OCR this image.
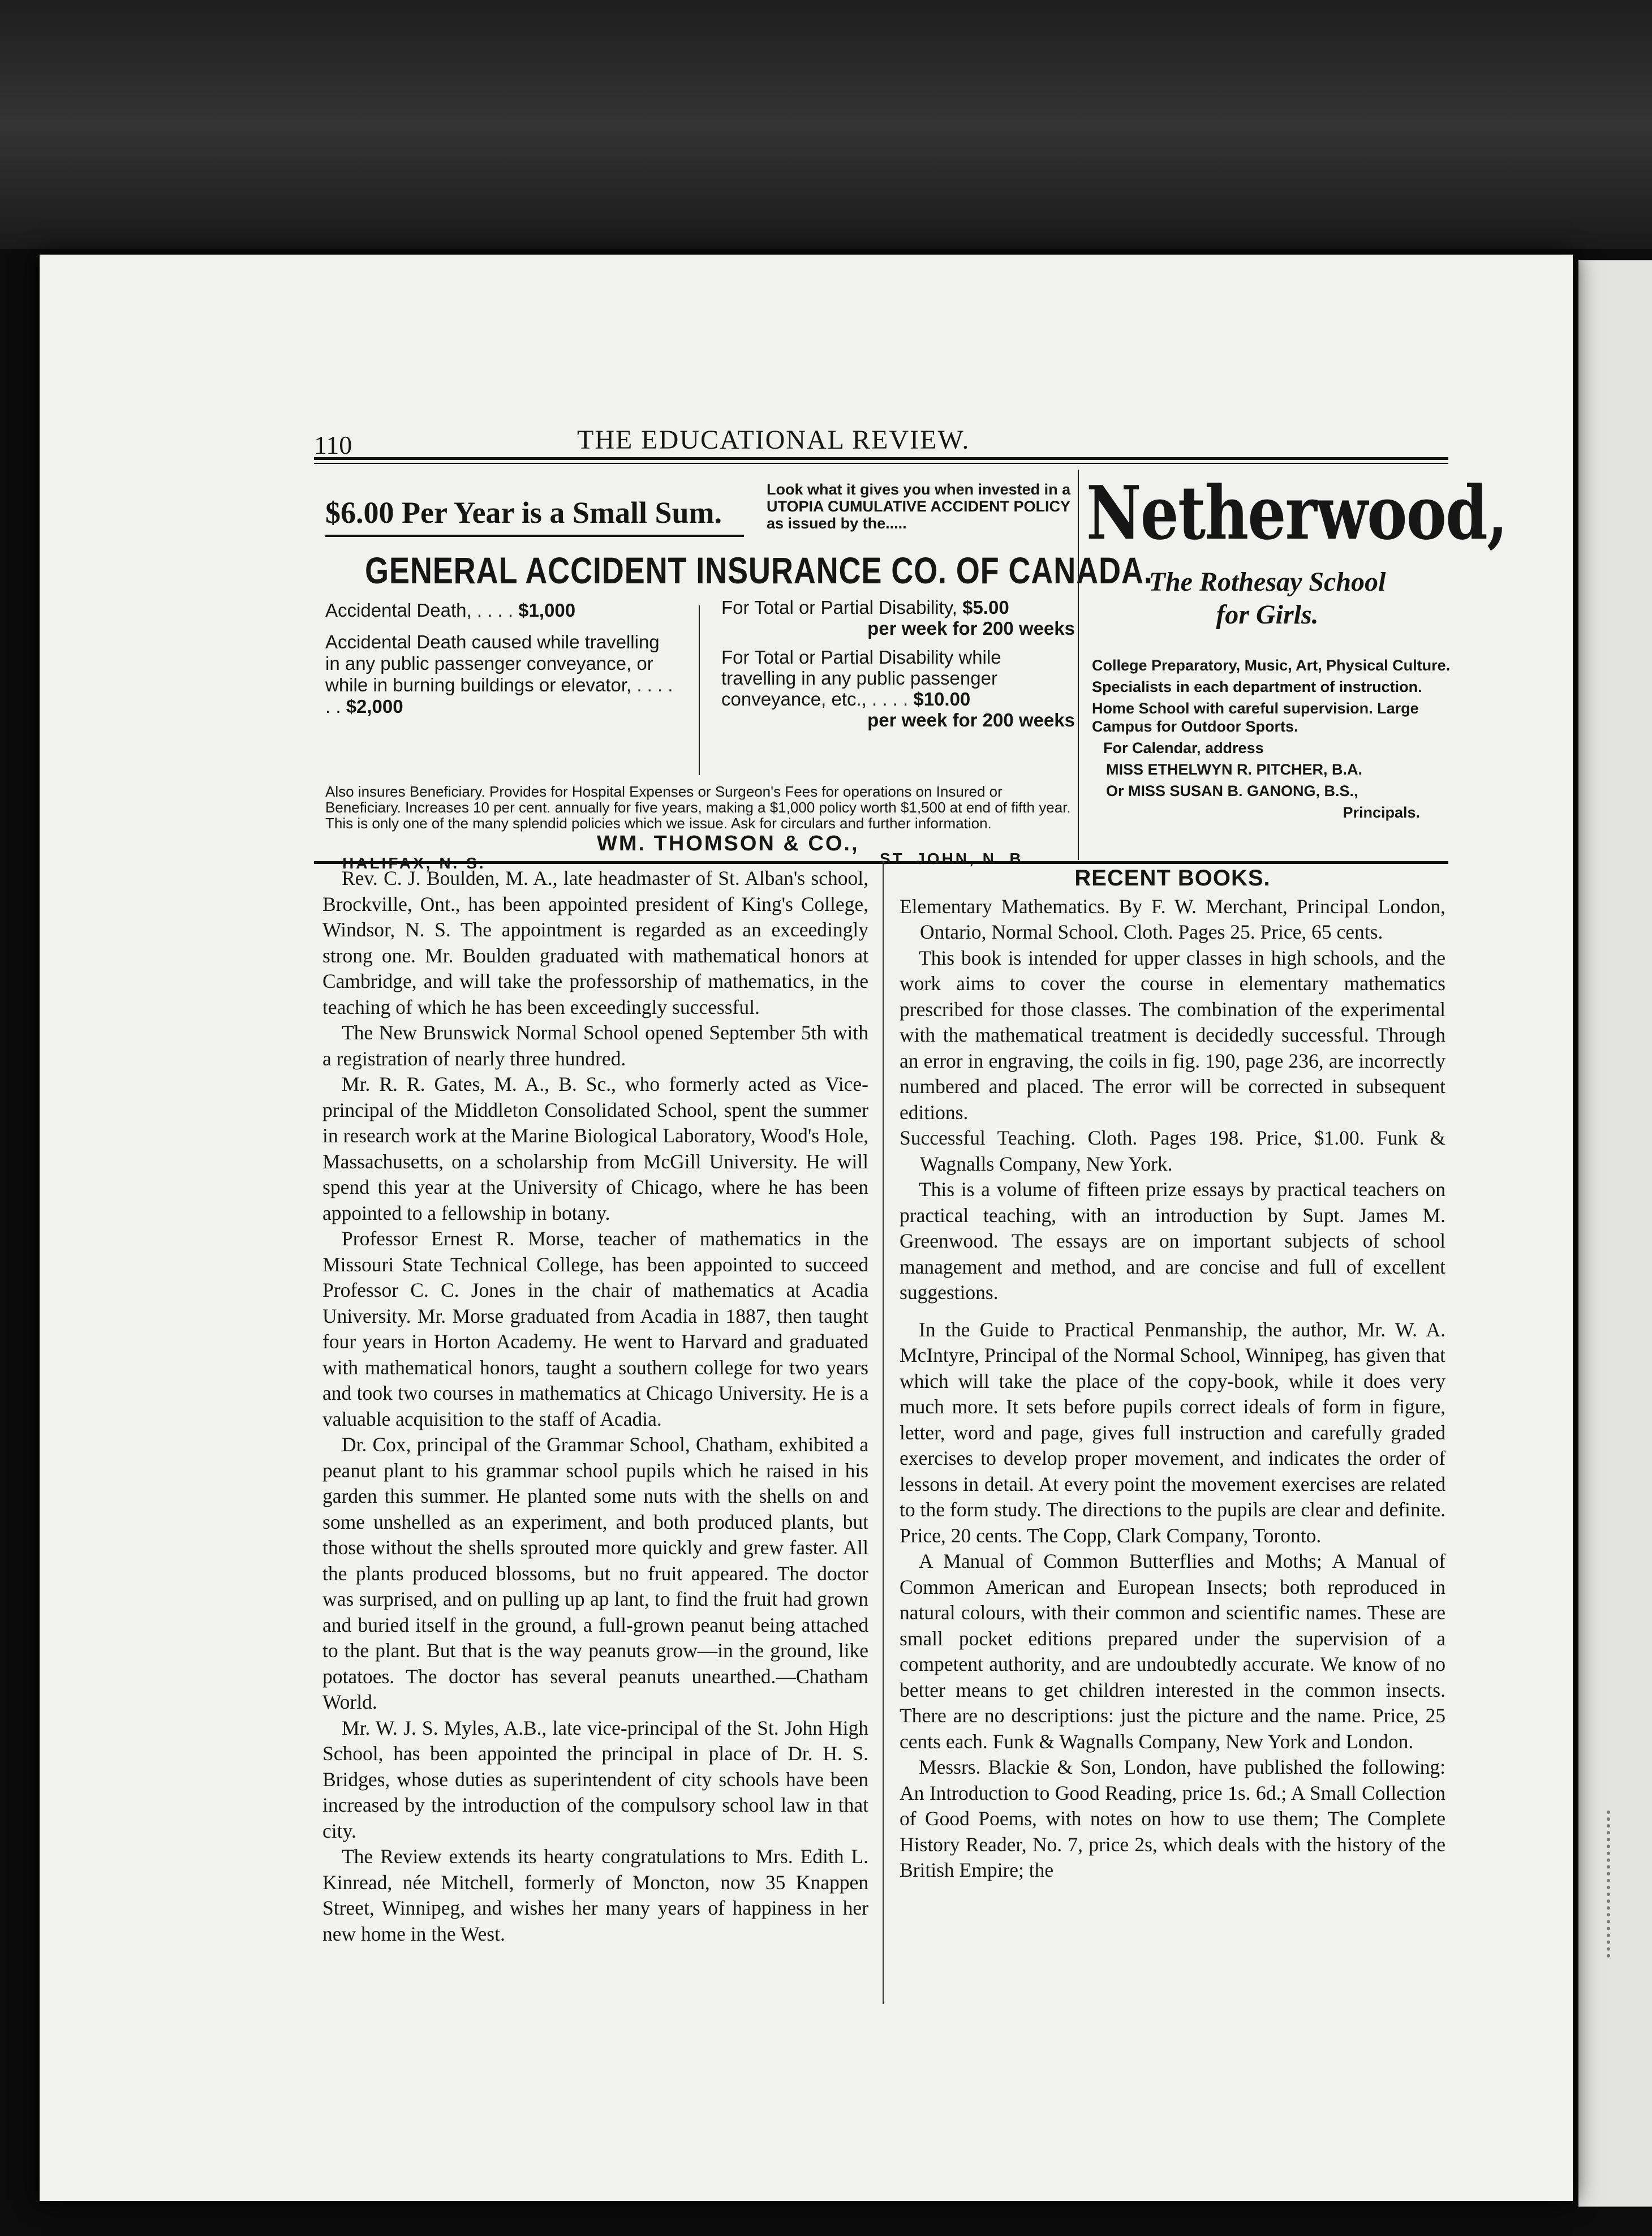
110	THE EDUCATIONAL REVIEW.
$6.00 Per Year is a Small Sum.
Look what it gives you when invested in a UTOPIA CUMULATIVE ACCIDENT POLICY as issued by the.....
GENERAL ACCIDENT INSURANCE CO. OF CANADA.

Accidental Death, . . . . $1,000

Accidental Death caused while travelling in any public passenger conveyance, or while in burning buildings or elevator, . . . . . . $2,000

For Total or Partial Disability, $5.00

per week for 200 weeks

For Total or Partial Disability while travelling in any public passenger conveyance, etc., . . . . $10.00

per week for 200 weeks

Also insures Beneficiary. Provides for Hospital Expenses or Surgeon's Fees for operations on Insured or Beneficiary. Increases 10 per cent. annually for five years, making a $1,000 policy worth $1,500 at end of fifth year. This is only one of the many splendid policies which we issue. Ask for circulars and further information.
WM. THOMSON & CO.,
HALIFAX, N. S.	ST. JOHN, N. B.
Netherwood,
The Rothesay School
for Girls.

College Preparatory, Music, Art, Physical Culture.

Specialists in each department of instruction.

Home School with careful supervision. Large Campus for Outdoor Sports.

For Calendar, address

MISS ETHELWYN R. PITCHER, B.A.

Or MISS SUSAN B. GANONG, B.S.,

Principals.

Rev. C. J. Boulden, M. A., late headmaster of St. Alban's school, Brockville, Ont., has been appointed president of King's College, Windsor, N. S. The appointment is regarded as an exceedingly strong one. Mr. Boulden graduated with mathematical honors at Cambridge, and will take the professorship of mathematics, in the teaching of which he has been exceedingly successful.

The New Brunswick Normal School opened September 5th with a registration of nearly three hundred.

Mr. R. R. Gates, M. A., B. Sc., who formerly acted as Vice-principal of the Middleton Consolidated School, spent the summer in research work at the Marine Biological Laboratory, Wood's Hole, Massachusetts, on a scholarship from McGill University. He will spend this year at the University of Chicago, where he has been appointed to a fellowship in botany.

Professor Ernest R. Morse, teacher of mathematics in the Missouri State Technical College, has been appointed to succeed Professor C. C. Jones in the chair of mathematics at Acadia University. Mr. Morse graduated from Acadia in 1887, then taught four years in Horton Academy. He went to Harvard and graduated with mathematical honors, taught a southern college for two years and took two courses in mathematics at Chicago University. He is a valuable acquisition to the staff of Acadia.

Dr. Cox, principal of the Grammar School, Chatham, exhibited a peanut plant to his grammar school pupils which he raised in his garden this summer. He planted some nuts with the shells on and some unshelled as an experiment, and both produced plants, but those without the shells sprouted more quickly and grew faster. All the plants produced blossoms, but no fruit appeared. The doctor was surprised, and on pulling up ap lant, to find the fruit had grown and buried itself in the ground, a full-grown peanut being attached to the plant. But that is the way peanuts grow—in the ground, like potatoes. The doctor has several peanuts unearthed.—Chatham World.

Mr. W. J. S. Myles, A.B., late vice-principal of the St. John High School, has been appointed the principal in place of Dr. H. S. Bridges, whose duties as superintendent of city schools have been increased by the introduction of the compulsory school law in that city.

The Review extends its hearty congratulations to Mrs. Edith L. Kinread, née Mitchell, formerly of Moncton, now 35 Knappen Street, Winnipeg, and wishes her many years of happiness in her new home in the West.

RECENT BOOKS.

Elementary Mathematics. By F. W. Merchant, Principal London, Ontario, Normal School. Cloth. Pages 25. Price, 65 cents.

This book is intended for upper classes in high schools, and the work aims to cover the course in elementary mathematics prescribed for those classes. The combination of the experimental with the mathematical treatment is decidedly successful. Through an error in engraving, the coils in fig. 190, page 236, are incorrectly numbered and placed. The error will be corrected in subsequent editions.

Successful Teaching. Cloth. Pages 198. Price, $1.00. Funk & Wagnalls Company, New York.

This is a volume of fifteen prize essays by practical teachers on practical teaching, with an introduction by Supt. James M. Greenwood. The essays are on important subjects of school management and method, and are concise and full of excellent suggestions.

In the Guide to Practical Penmanship, the author, Mr. W. A. McIntyre, Principal of the Normal School, Winnipeg, has given that which will take the place of the copy-book, while it does very much more. It sets before pupils correct ideals of form in figure, letter, word and page, gives full instruction and carefully graded exercises to develop proper movement, and indicates the order of lessons in detail. At every point the movement exercises are related to the form study. The directions to the pupils are clear and definite. Price, 20 cents. The Copp, Clark Company, Toronto.

A Manual of Common Butterflies and Moths; A Manual of Common American and European Insects; both reproduced in natural colours, with their common and scientific names. These are small pocket editions prepared under the supervision of a competent authority, and are undoubtedly accurate. We know of no better means to get children interested in the common insects. There are no descriptions: just the picture and the name. Price, 25 cents each. Funk & Wagnalls Company, New York and London.

Messrs. Blackie & Son, London, have published the following: An Introduction to Good Reading, price 1s. 6d.; A Small Collection of Good Poems, with notes on how to use them; The Complete History Reader, No. 7, price 2s, which deals with the history of the British Empire; the
